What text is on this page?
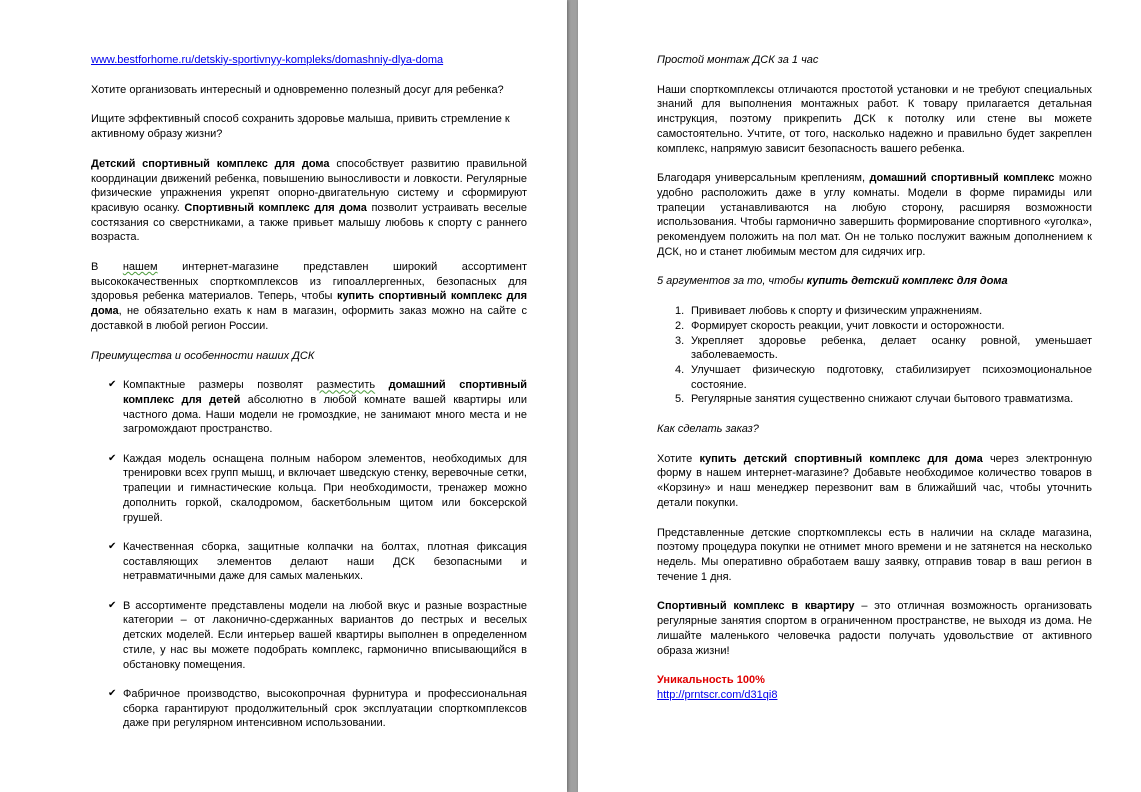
www.bestforhome.ru/detskiy-sportivnyy-kompleks/domashniy-dlya-doma

Хотите организовать интересный и одновременно полезный досуг для ребенка?

Ищите эффективный способ сохранить здоровье малыша, привить стремление к активному образу жизни?

Детский спортивный комплекс для дома способствует развитию правильной координации движений ребенка, повышению выносливости и ловкости. Регулярные физические упражнения укрепят опорно-двигательную систему и сформируют красивую осанку. Спортивный комплекс для дома позволит устраивать веселые состязания со сверстниками, а также привьет малышу любовь к спорту с раннего возраста.

В нашем интернет-магазине представлен широкий ассортимент высококачественных спорткомплексов из гипоаллергенных, безопасных для здоровья ребенка материалов. Теперь, чтобы купить спортивный комплекс для дома, не обязательно ехать к нам в магазин, оформить заказ можно на сайте с доставкой в любой регион России.

Преимущества и особенности наших ДСК

✔ Компактные размеры позволят разместить домашний спортивный комплекс для детей абсолютно в любой комнате вашей квартиры или частного дома. Наши модели не громоздкие, не занимают много места и не загромождают пространство.
✔ Каждая модель оснащена полным набором элементов, необходимых для тренировки всех групп мышц, и включает шведскую стенку, веревочные сетки, трапеции и гимнастические кольца. При необходимости, тренажер можно дополнить горкой, скалодромом, баскетбольным щитом или боксерской грушей.
✔ Качественная сборка, защитные колпачки на болтах, плотная фиксация составляющих элементов делают наши ДСК безопасными и нетравматичными даже для самых маленьких.
✔ В ассортименте представлены модели на любой вкус и разные возрастные категории – от лаконично-сдержанных вариантов до пестрых и веселых детских моделей. Если интерьер вашей квартиры выполнен в определенном стиле, у нас вы можете подобрать комплекс, гармонично вписывающийся в обстановку помещения.
✔ Фабричное производство, высокопрочная фурнитура и профессиональная сборка гарантируют продолжительный срок эксплуатации спорткомплексов даже при регулярном интенсивном использовании.

Простой монтаж ДСК за 1 час

Наши спорткомплексы отличаются простотой установки и не требуют специальных знаний для выполнения монтажных работ. К товару прилагается детальная инструкция, поэтому прикрепить ДСК к потолку или стене вы можете самостоятельно. Учтите, от того, насколько надежно и правильно будет закреплен комплекс, напрямую зависит безопасность вашего ребенка.

Благодаря универсальным креплениям, домашний спортивный комплекс можно удобно расположить даже в углу комнаты. Модели в форме пирамиды или трапеции устанавливаются на любую сторону, расширяя возможности использования. Чтобы гармонично завершить формирование спортивного «уголка», рекомендуем положить на пол мат. Он не только послужит важным дополнением к ДСК, но и станет любимым местом для сидячих игр.

5 аргументов за то, чтобы купить детский комплекс для дома

1. Прививает любовь к спорту и физическим упражнениям.
2. Формирует скорость реакции, учит ловкости и осторожности.
3. Укрепляет здоровье ребенка, делает осанку ровной, уменьшает заболеваемость.
4. Улучшает физическую подготовку, стабилизирует психоэмоциональное состояние.
5. Регулярные занятия существенно снижают случаи бытового травматизма.

Как сделать заказ?

Хотите купить детский спортивный комплекс для дома через электронную форму в нашем интернет-магазине? Добавьте необходимое количество товаров в «Корзину» и наш менеджер перезвонит вам в ближайший час, чтобы уточнить детали покупки.

Представленные детские спорткомплексы есть в наличии на складе магазина, поэтому процедура покупки не отнимет много времени и не затянется на несколько недель. Мы оперативно обработаем вашу заявку, отправив товар в ваш регион в течение 1 дня.

Спортивный комплекс в квартиру – это отличная возможность организовать регулярные занятия спортом в ограниченном пространстве, не выходя из дома. Не лишайте маленького человечка радости получать удовольствие от активного образа жизни!

Уникальность 100%
http://prntscr.com/d31qi8
